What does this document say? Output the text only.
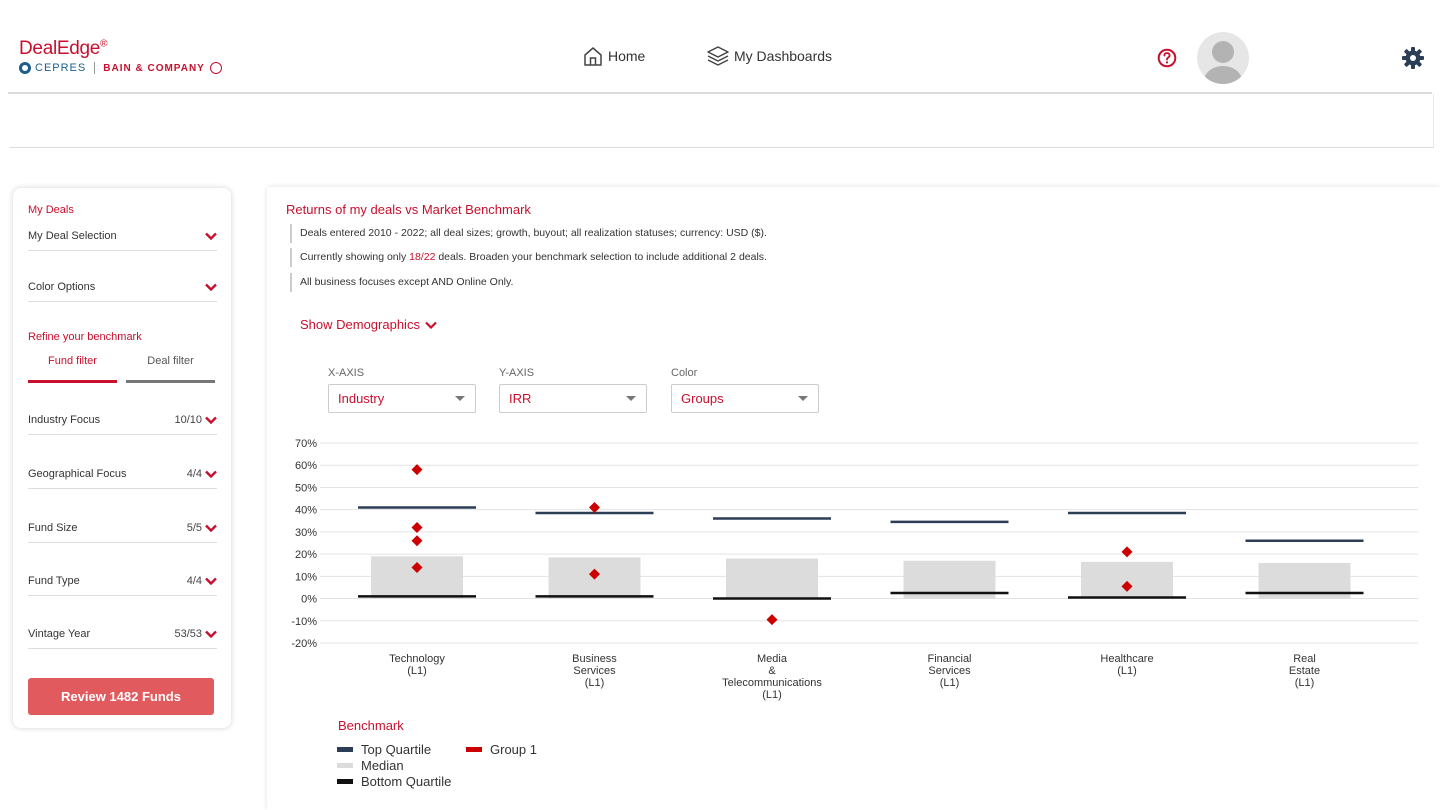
DealEdge®
CEPRES BAIN & COMPANY
Home	My Dashboards
My Deals
My Deal Selection
Color Options
Refine your benchmark
Fund filter	Deal filter
Industry Focus	10/10
Geographical Focus	4/4
Fund Size	5/5
Fund Type	4/4
Vintage Year	53/53
Review 1482 Funds
Returns of my deals vs Market Benchmark
Deals entered 2010 - 2022; all deal sizes; growth, buyout; all realization statuses; currency: USD ($).
Currently showing only 18/22 deals. Broaden your benchmark selection to include additional 2 deals.
All business focuses except AND Online Only.
Show Demographics
X-AXIS
Industry
Y-AXIS
IRR
Color
Groups
70%
60%
50%
40%
30%
20%
10%
0%
-10%
-20%
Technology
(L1)
Business
Services
(L1)
Media
&
Telecommunications
(L1)
Financial
Services
(L1)
Healthcare
(L1)
Real
Estate
(L1)
Benchmark
Top Quartile	Group 1
Median
Bottom Quartile
